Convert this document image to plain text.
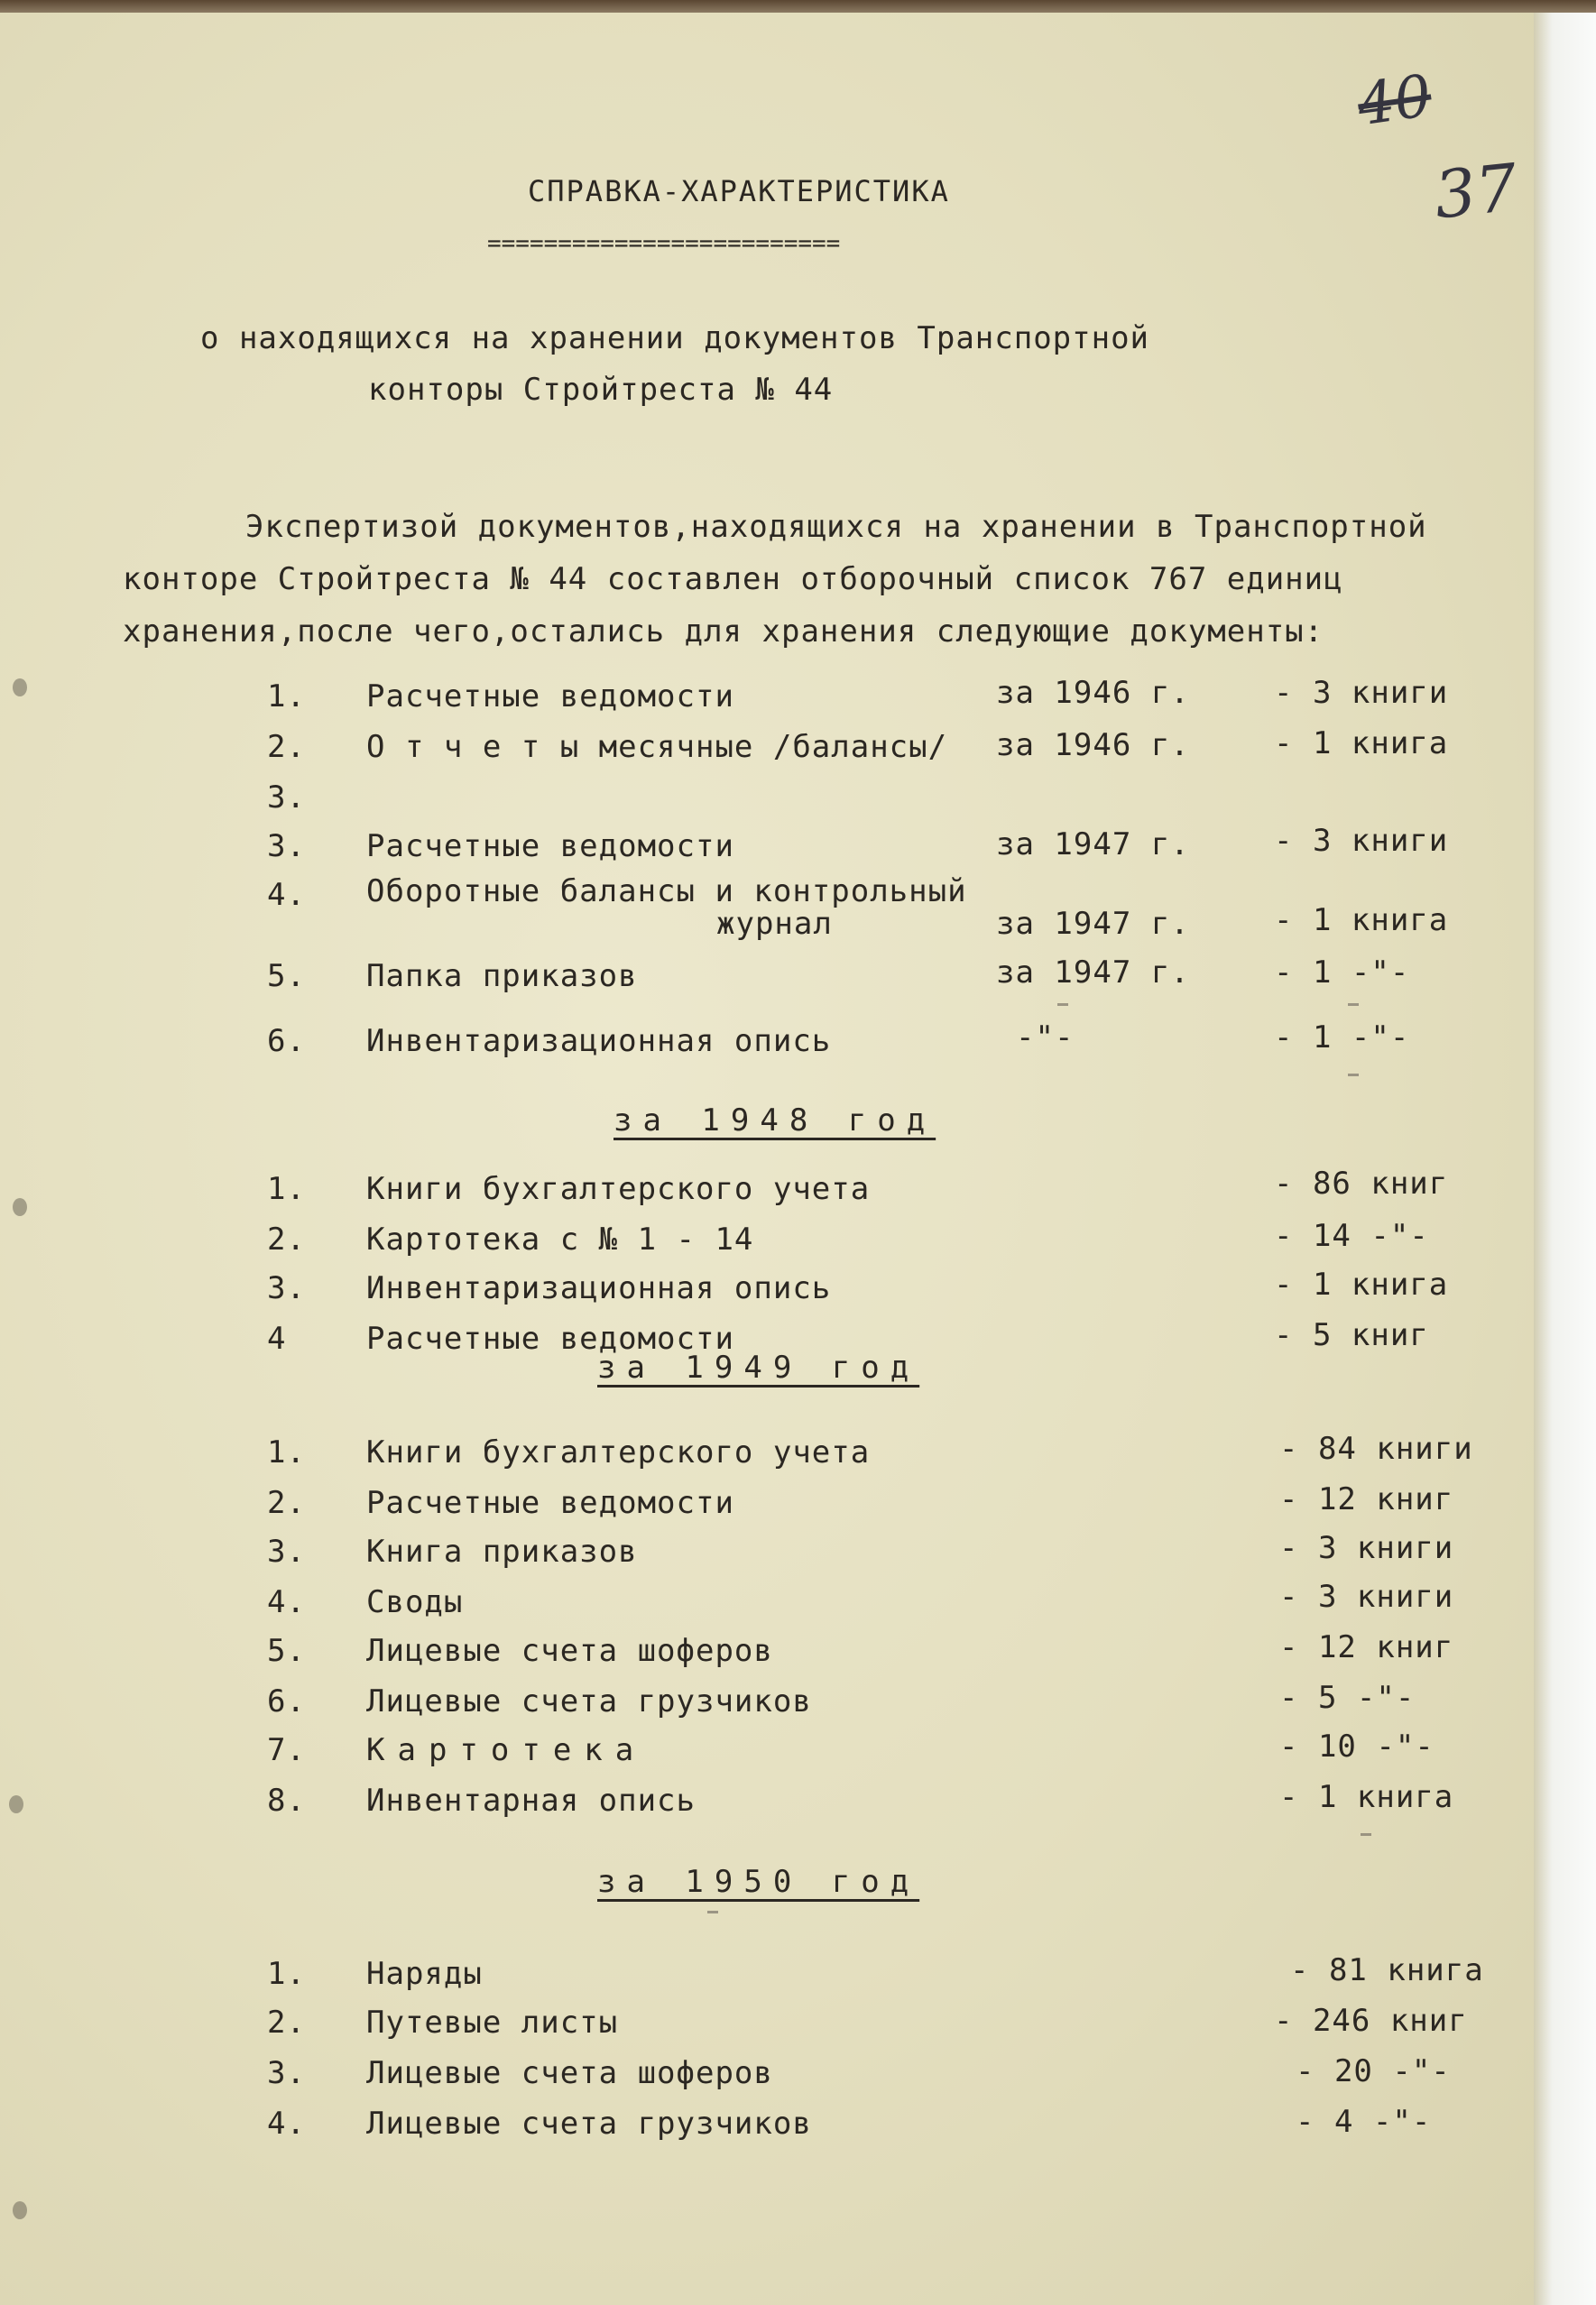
40
37
СПРАВКА-ХАРАКТЕРИСТИКА
=========================
о находящихся на хранении документов Транспортной
конторы Стройтреста № 44
Экспертизой документов,находящихся на хранении в Транспортной
конторе Стройтреста № 44 составлен отборочный список 767 единиц
хранения,после чего,остались для хранения следующие документы:
1. Расчетные ведомости	за 1946 г.	- 3 книги
2. О т ч е т ы месячные /балансы/ за 1946 г.	- 1 книга
3.
3. Расчетные ведомости	за 1947 г.	- 3 книги
4. Оборотные балансы и контрольный
журнал	за 1947 г.	- 1 книга
5. Папка приказов	за 1947 г.	- 1 -"-
6. Инвентаризационная опись	-"-	- 1 -"-
за 1948 год
1. Книги бухгалтерского учета	- 86 книг
2. Картотека с № 1 - 14	- 14 -"-
3. Инвентаризационная опись	- 1 книга
4	Расчетные ведомости	- 5 книг
за 1949 год
1. Книги бухгалтерского учета	- 84 книги
2. Расчетные ведомости	- 12 книг
3. Книга приказов	- 3 книги
4. Своды	- 3 книги
5. Лицевые счета шоферов	- 12 книг
6. Лицевые счета грузчиков	- 5 -"-
7. Картотека	- 10 -"-
8. Инвентарная опись	- 1 книга
за 1950 год
1. Наряды	- 81 книга
2. Путевые листы	- 246 книг
3. Лицевые счета шоферов	- 20 -"-
4. Лицевые счета грузчиков	- 4 -"-
